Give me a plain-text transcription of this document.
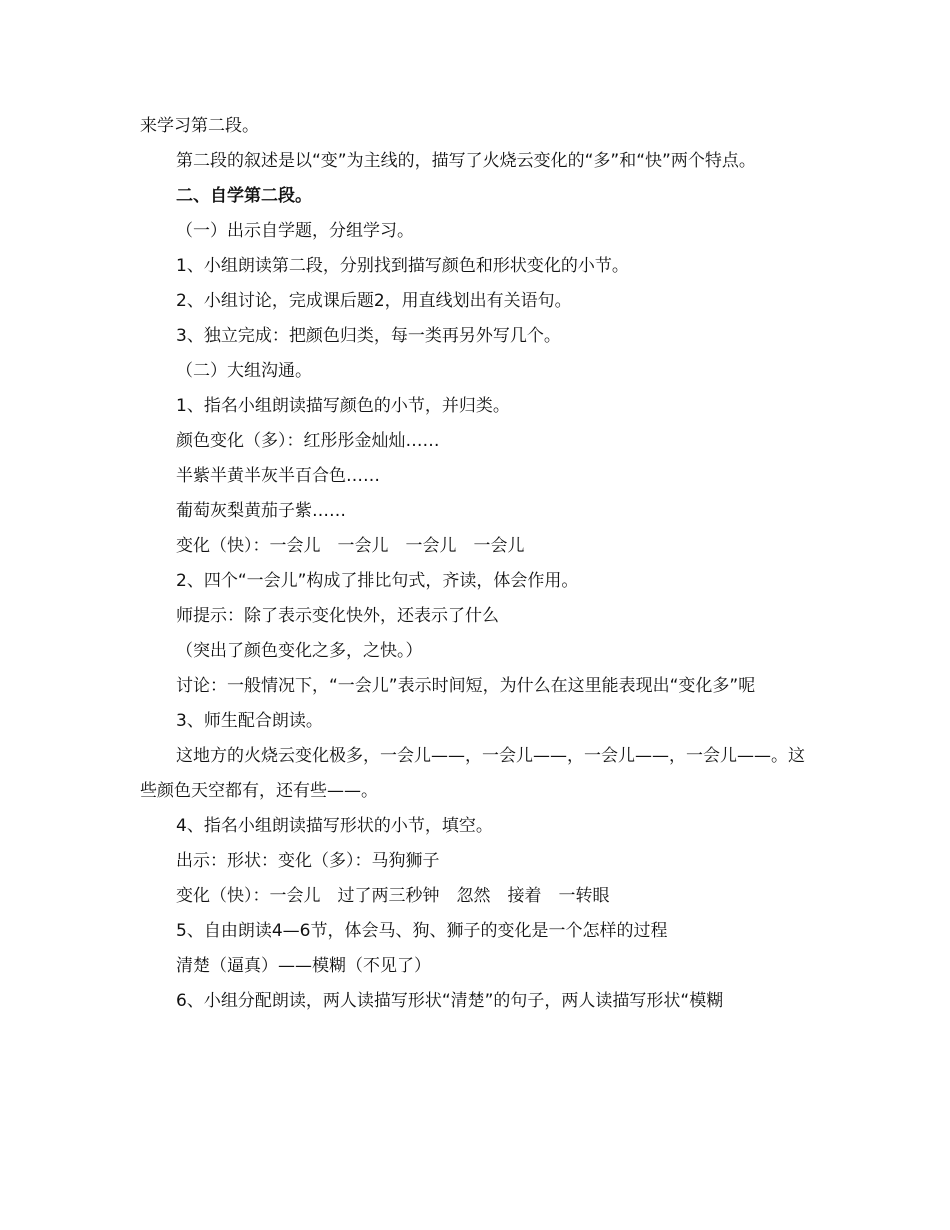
来学习第二段。

第二段的叙述是以“变”为主线的，描写了火烧云变化的“多”和“快”两个特点。

二、自学第二段。

（一）出示自学题，分组学习。

1、小组朗读第二段，分别找到描写颜色和形状变化的小节。

2、小组讨论，完成课后题2，用直线划出有关语句。

3、独立完成：把颜色归类，每一类再另外写几个。

（二）大组沟通。

1、指名小组朗读描写颜色的小节，并归类。

颜色变化（多）：红彤彤金灿灿……

半紫半黄半灰半百合色……

葡萄灰梨黄茄子紫……

变化（快）：一会儿　一会儿　一会儿　一会儿

2、四个“一会儿”构成了排比句式，齐读，体会作用。

师提示：除了表示变化快外，还表示了什么

（突出了颜色变化之多，之快。）

讨论：一般情况下，“一会儿”表示时间短，为什么在这里能表现出“变化多”呢

3、师生配合朗读。

这地方的火烧云变化极多，一会儿——，一会儿——，一会儿——，一会儿——。这些颜色天空都有，还有些——。

4、指名小组朗读描写形状的小节，填空。

出示：形状：变化（多）：马狗狮子

变化（快）：一会儿　过了两三秒钟　忽然　接着　一转眼

5、自由朗读4—6节，体会马、狗、狮子的变化是一个怎样的过程

清楚（逼真）——模糊（不见了）

6、小组分配朗读，两人读描写形状“清楚”的句子，两人读描写形状“模糊
